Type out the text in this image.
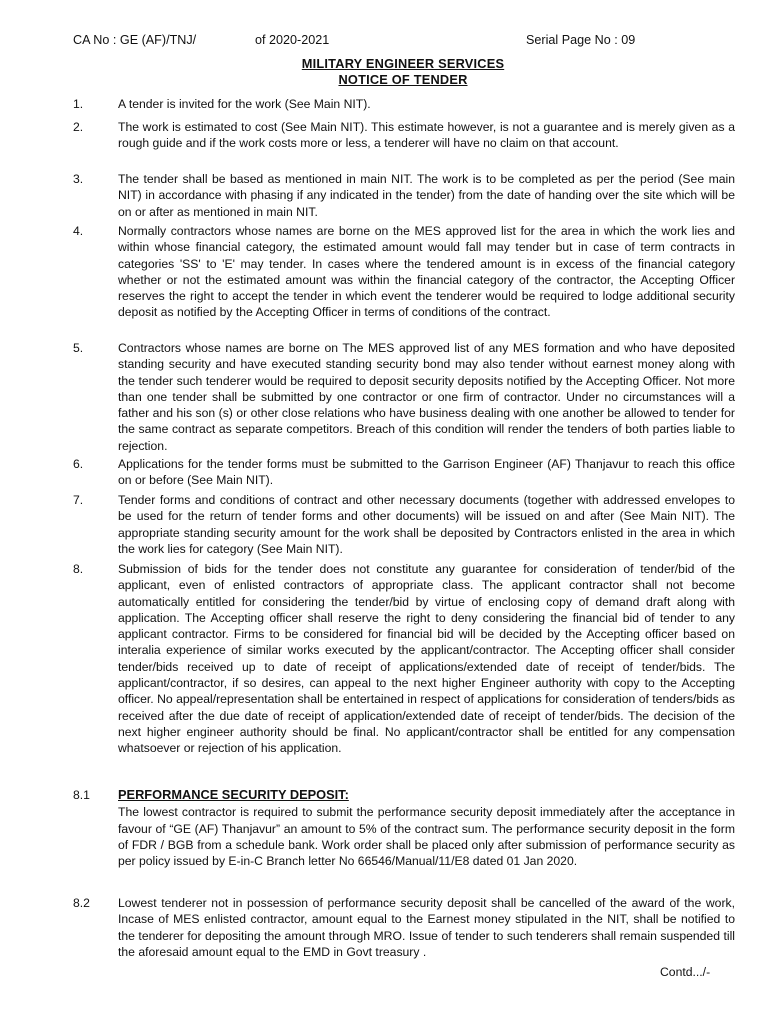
CA No : GE (AF)/TNJ/	of 2020-2021	Serial Page No : 09
MILITARY ENGINEER SERVICES
NOTICE OF TENDER
1.	A tender is invited for the work (See Main NIT).
2.	The work is estimated to cost (See Main NIT). This estimate however, is not a guarantee and is merely given as a rough guide and if the work costs more or less, a tenderer will have no claim on that account.
3.	The tender shall be based as mentioned in main NIT. The work is to be completed as per the period (See main NIT) in accordance with phasing if any indicated in the tender) from the date of handing over the site which will be on or after as mentioned in main NIT.
4.	Normally contractors whose names are borne on the MES approved list for the area in which the work lies and within whose financial category, the estimated amount would fall may tender but in case of term contracts in categories 'SS' to 'E' may tender. In cases where the tendered amount is in excess of the financial category whether or not the estimated amount was within the financial category of the contractor, the Accepting Officer reserves the right to accept the tender in which event the tenderer would be required to lodge additional security deposit as notified by the Accepting Officer in terms of conditions of the contract.
5.	Contractors whose names are borne on The MES approved list of any MES formation and who have deposited standing security and have executed standing security bond may also tender without earnest money along with the tender such tenderer would be required to deposit security deposits notified by the Accepting Officer. Not more than one tender shall be submitted by one contractor or one firm of contractor. Under no circumstances will a father and his son (s) or other close relations who have business dealing with one another be allowed to tender for the same contract as separate competitors. Breach of this condition will render the tenders of both parties liable to rejection.
6.	Applications for the tender forms must be submitted to the Garrison Engineer (AF) Thanjavur to reach this office on or before (See Main NIT).
7.	Tender forms and conditions of contract and other necessary documents (together with addressed envelopes to be used for the return of tender forms and other documents) will be issued on and after (See Main NIT). The appropriate standing security amount for the work shall be deposited by Contractors enlisted in the area in which the work lies for category (See Main NIT).
8.	Submission of bids for the tender does not constitute any guarantee for consideration of tender/bid of the applicant, even of enlisted contractors of appropriate class. The applicant contractor shall not become automatically entitled for considering the tender/bid by virtue of enclosing copy of demand draft along with application. The Accepting officer shall reserve the right to deny considering the financial bid of tender to any applicant contractor. Firms to be considered for financial bid will be decided by the Accepting officer based on interalia experience of similar works executed by the applicant/contractor. The Accepting officer shall consider tender/bids received up to date of receipt of applications/extended date of receipt of tender/bids. The applicant/contractor, if so desires, can appeal to the next higher Engineer authority with copy to the Accepting officer. No appeal/representation shall be entertained in respect of applications for consideration of tenders/bids as received after the due date of receipt of application/extended date of receipt of tender/bids. The decision of the next higher engineer authority should be final. No applicant/contractor shall be entitled for any compensation whatsoever or rejection of his application.
8.1 PERFORMANCE SECURITY DEPOSIT:
The lowest contractor is required to submit the performance security deposit immediately after the acceptance in favour of “GE (AF) Thanjavur” an amount to 5% of the contract sum. The performance security deposit in the form of FDR / BGB from a schedule bank. Work order shall be placed only after submission of performance security as per policy issued by E-in-C Branch letter No 66546/Manual/11/E8 dated 01 Jan 2020.
8.2 Lowest tenderer not in possession of performance security deposit shall be cancelled of the award of the work, Incase of MES enlisted contractor, amount equal to the Earnest money stipulated in the NIT, shall be notified to the tenderer for depositing the amount through MRO. Issue of tender to such tenderers shall remain suspended till the aforesaid amount equal to the EMD in Govt treasury .
Contd.../-
